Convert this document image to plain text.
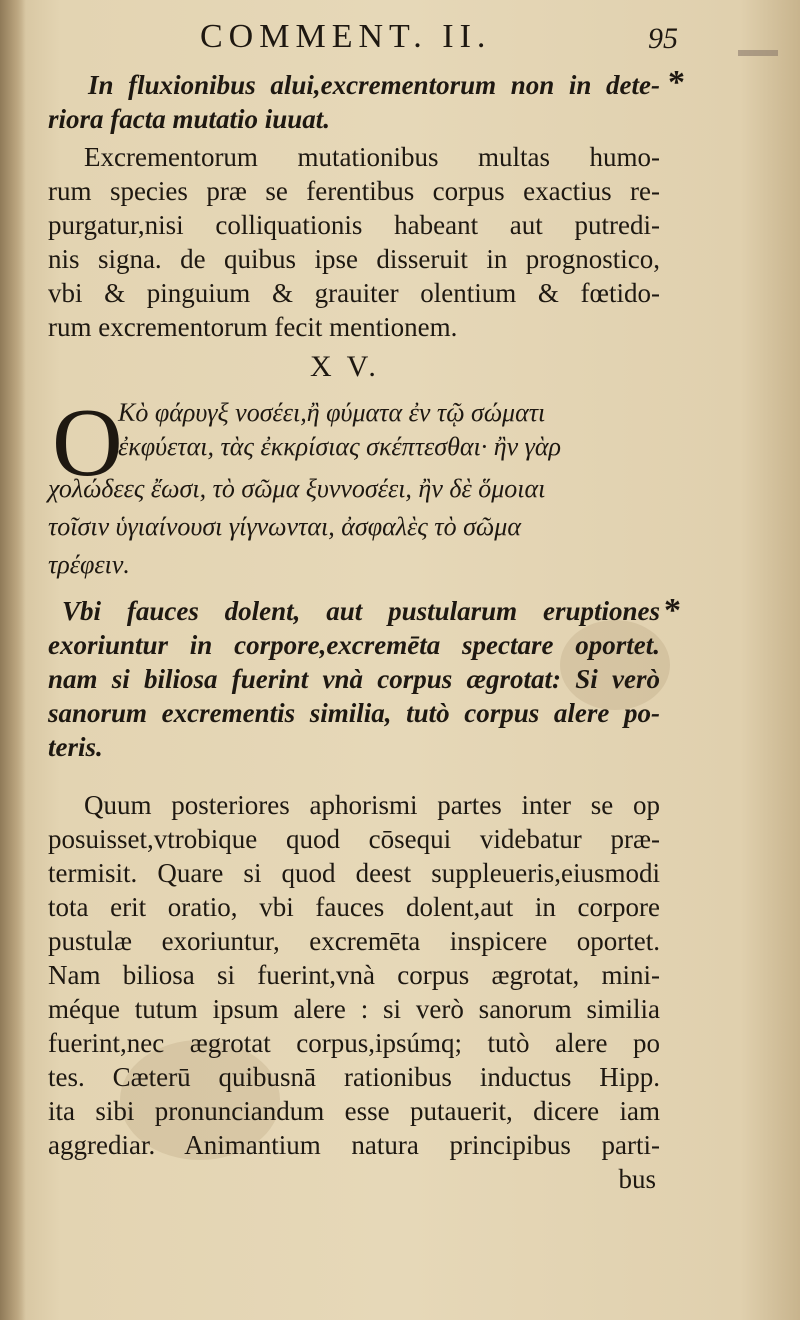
COMMENT. II.	95
In fluxionibus alui,excrementorum non in dete-
riora facta mutatio iuuat.
*
Excrementorum mutationibus multas humo-
rum species præ se ferentibus corpus exactius re-
purgatur,nisi colliquationis habeant aut putredi-
nis signa. de quibus ipse disseruit in prognostico,
vbi & pinguium & grauiter olentium & fœtido-
rum excrementorum fecit mentionem.
X V.
O
Κὸ φάρυγξ νοσέει,ἢ φύματα ἐν τῷ σώματι
ἐκφύεται, τὰς ἐκκρίσιας σκέπτεσθαι· ἢν γὰρ
χολώδεες ἔωσι, τὸ σῶμα ξυννοσέει, ἢν δὲ ὅμοιαι
τοῖσιν ὑγιαίνουσι γίγνωνται, ἀσφαλὲς τὸ σῶμα
τρέφειν.
Vbi fauces dolent, aut pustularum eruptiones
exoriuntur in corpore,excremēta spectare oportet.
nam si biliosa fuerint vnà corpus ægrotat: Si verò
sanorum excrementis similia, tutò corpus alere po-
teris.
*
Quum posteriores aphorismi partes inter se op
posuisset,vtrobique quod cōsequi videbatur præ-
termisit. Quare si quod deest suppleueris,eiusmodi
tota erit oratio, vbi fauces dolent,aut in corpore
pustulæ exoriuntur, excremēta inspicere oportet.
Nam biliosa si fuerint,vnà corpus ægrotat, mini-
méque tutum ipsum alere : si verò sanorum similia
fuerint,nec ægrotat corpus,ipsúmq; tutò alere po
tes. Cæterū quibusnā rationibus inductus Hipp.
ita sibi pronunciandum esse putauerit, dicere iam
aggrediar. Animantium natura principibus parti-
bus
